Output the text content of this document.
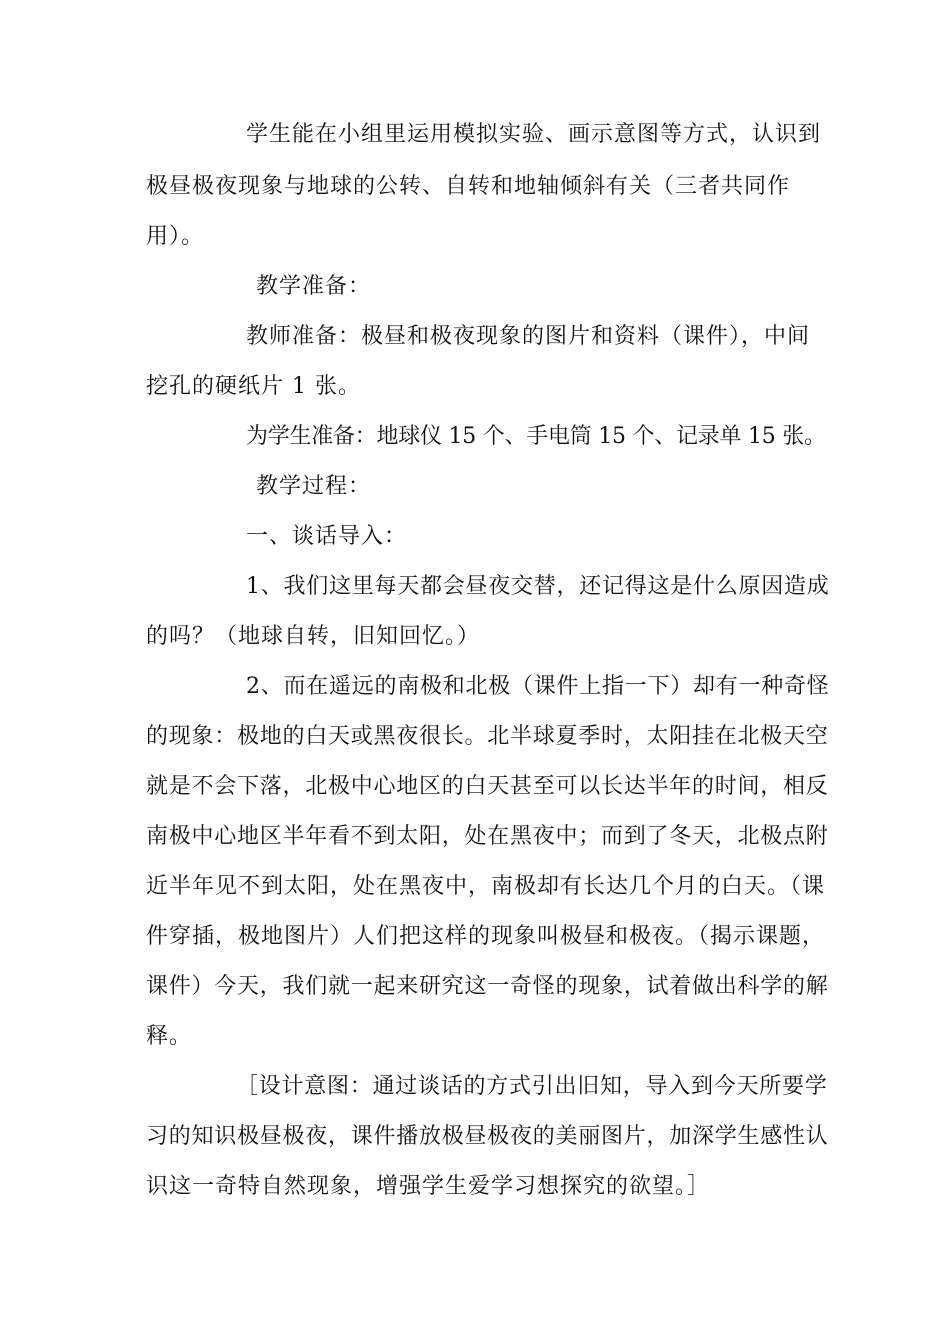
学生能在小组里运用模拟实验、画示意图等方式，认识到
极昼极夜现象与地球的公转、自转和地轴倾斜有关（三者共同作
用）。
教学准备：
教师准备：极昼和极夜现象的图片和资料（课件），中间
挖孔的硬纸片 1 张。
为学生准备：地球仪 15 个、手电筒 15 个、记录单 15 张。
教学过程：
一、谈话导入：
1、我们这里每天都会昼夜交替，还记得这是什么原因造成
的吗？（地球自转，旧知回忆。）
2、而在遥远的南极和北极（课件上指一下）却有一种奇怪
的现象：极地的白天或黑夜很长。北半球夏季时，太阳挂在北极天空
就是不会下落，北极中心地区的白天甚至可以长达半年的时间，相反
南极中心地区半年看不到太阳，处在黑夜中；而到了冬天，北极点附
近半年见不到太阳，处在黑夜中，南极却有长达几个月的白天。（课
件穿插，极地图片）人们把这样的现象叫极昼和极夜。（揭示课题，
课件）今天，我们就一起来研究这一奇怪的现象，试着做出科学的解
释。
［设计意图：通过谈话的方式引出旧知，导入到今天所要学
习的知识极昼极夜，课件播放极昼极夜的美丽图片，加深学生感性认
识这一奇特自然现象，增强学生爱学习想探究的欲望。］
